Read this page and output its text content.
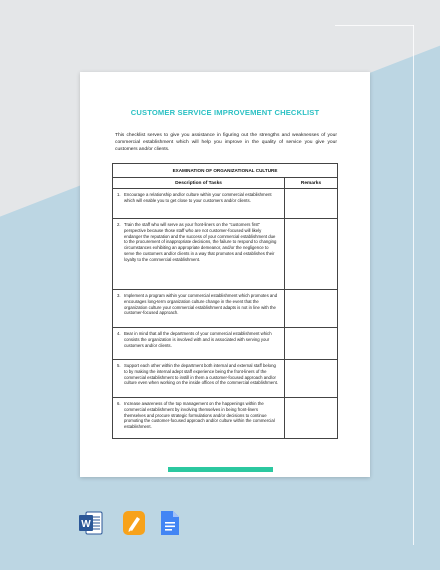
CUSTOMER SERVICE IMPROVEMENT CHECKLIST
This checklist serves to give you assistance in figuring out the strengths and weaknesses of your commercial establishment which will help you improve in the quality of service you give your customers and/or clients.
EXAMINATION OF ORGANIZATIONAL CULTURE
Description of Tasks	Remarks
1. Encourage a relationship and/or culture within your commercial establishment which will enable you to get close to your customers and/or clients.
2. Train the staff who will serve as your front-liners on the "customers first" perspective because those staff who are not customer-focused will likely endanger the reputation and the success of your commercial establishment due to the procurement of inappropriate decisions, the failure to respond to changing circumstances exhibiting an appropriate demeanor, and/or the negligence to serve the customers and/or clients in a way that promotes and establishes their loyalty to the commercial establishment.
3. Implement a program within your commercial establishment which promotes and encourages long-term organization culture change in the event that the organization culture your commercial establishment adapts is not in line with the customer-focused approach.
4. Bear in mind that all the departments of your commercial establishment which consists the organization is involved with and is associated with serving your customers and/or clients.
5. Support each other within the department both internal and external staff belong to by making the internal adept staff experience being the front-liners of the commercial establishment to instill in them a customer-focused approach and/or culture even when working on the inside offices of the commercial establishment.
6. Increase awareness of the top management on the happenings within the commercial establishment by involving themselves in being front-liners themselves and procure strategic formulations and/or decisions to continue promoting the customer-focused approach and/or culture within the commercial establishment.
W
